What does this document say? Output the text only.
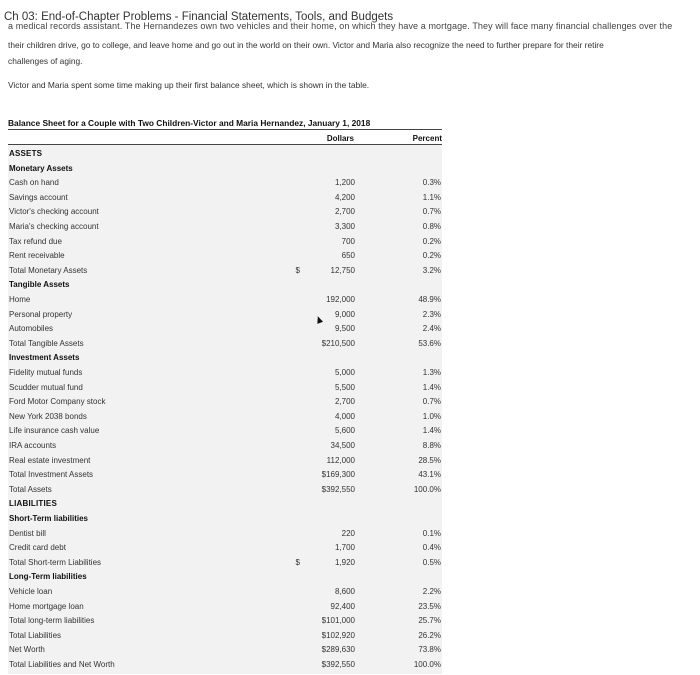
Ch 03: End-of-Chapter Problems - Financial Statements, Tools, and Budgets
a medical records assistant. The Hernandezes own two vehicles and their home, on which they have a mortgage. They will face many financial challenges over the
their children drive, go to college, and leave home and go out in the world on their own. Victor and Maria also recognize the need to further prepare for their retire
challenges of aging.
Victor and Maria spent some time making up their first balance sheet, which is shown in the table.
Balance Sheet for a Couple with Two Children-Victor and Maria Hernandez, January 1, 2018
Dollars	Percent
ASSETS
Monetary Assets
Cash on hand	1,200	0.3%
Savings account	4,200	1.1%
Victor's checking account	2,700	0.7%
Maria's checking account	3,300	0.8%
Tax refund due	700	0.2%
Rent receivable	650	0.2%
Total Monetary Assets	$	12,750	3.2%
Tangible Assets
Home	192,000	48.9%
Personal property	9,000	2.3%
Automobiles	9,500	2.4%
Total Tangible Assets	$210,500	53.6%
Investment Assets
Fidelity mutual funds	5,000	1.3%
Scudder mutual fund	5,500	1.4%
Ford Motor Company stock	2,700	0.7%
New York 2038 bonds	4,000	1.0%
Life insurance cash value	5,600	1.4%
IRA accounts	34,500	8.8%
Real estate investment	112,000	28.5%
Total Investment Assets	$169,300	43.1%
Total Assets	$392,550	100.0%
LIABILITIES
Short-Term liabilities
Dentist bill	220	0.1%
Credit card debt	1,700	0.4%
Total Short-term Liabilities	$	1,920	0.5%
Long-Term liabilities
Vehicle loan	8,600	2.2%
Home mortgage loan	92,400	23.5%
Total long-term liabilities	$101,000	25.7%
Total Liabilities	$102,920	26.2%
Net Worth	$289,630	73.8%
Total Liabilities and Net Worth	$392,550	100.0%
